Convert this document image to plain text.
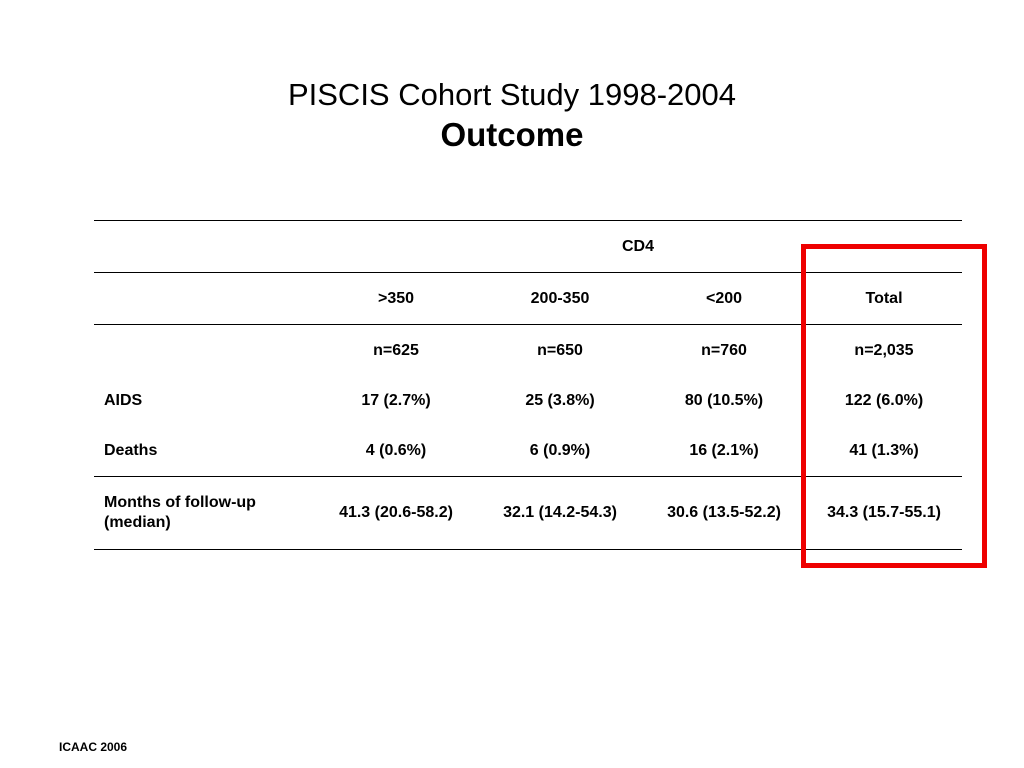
PISCIS Cohort Study 1998-2004
Outcome
	CD4			
	>350	200-350	<200	Total
	n=625	n=650	n=760	n=2,035
AIDS	17 (2.7%)	25 (3.8%)	80 (10.5%)	122 (6.0%)
Deaths	4 (0.6%)	6 (0.9%)	16 (2.1%)	41 (1.3%)
Months of follow-up (median)	41.3 (20.6-58.2)	32.1 (14.2-54.3)	30.6 (13.5-52.2)	34.3 (15.7-55.1)
ICAAC 2006
